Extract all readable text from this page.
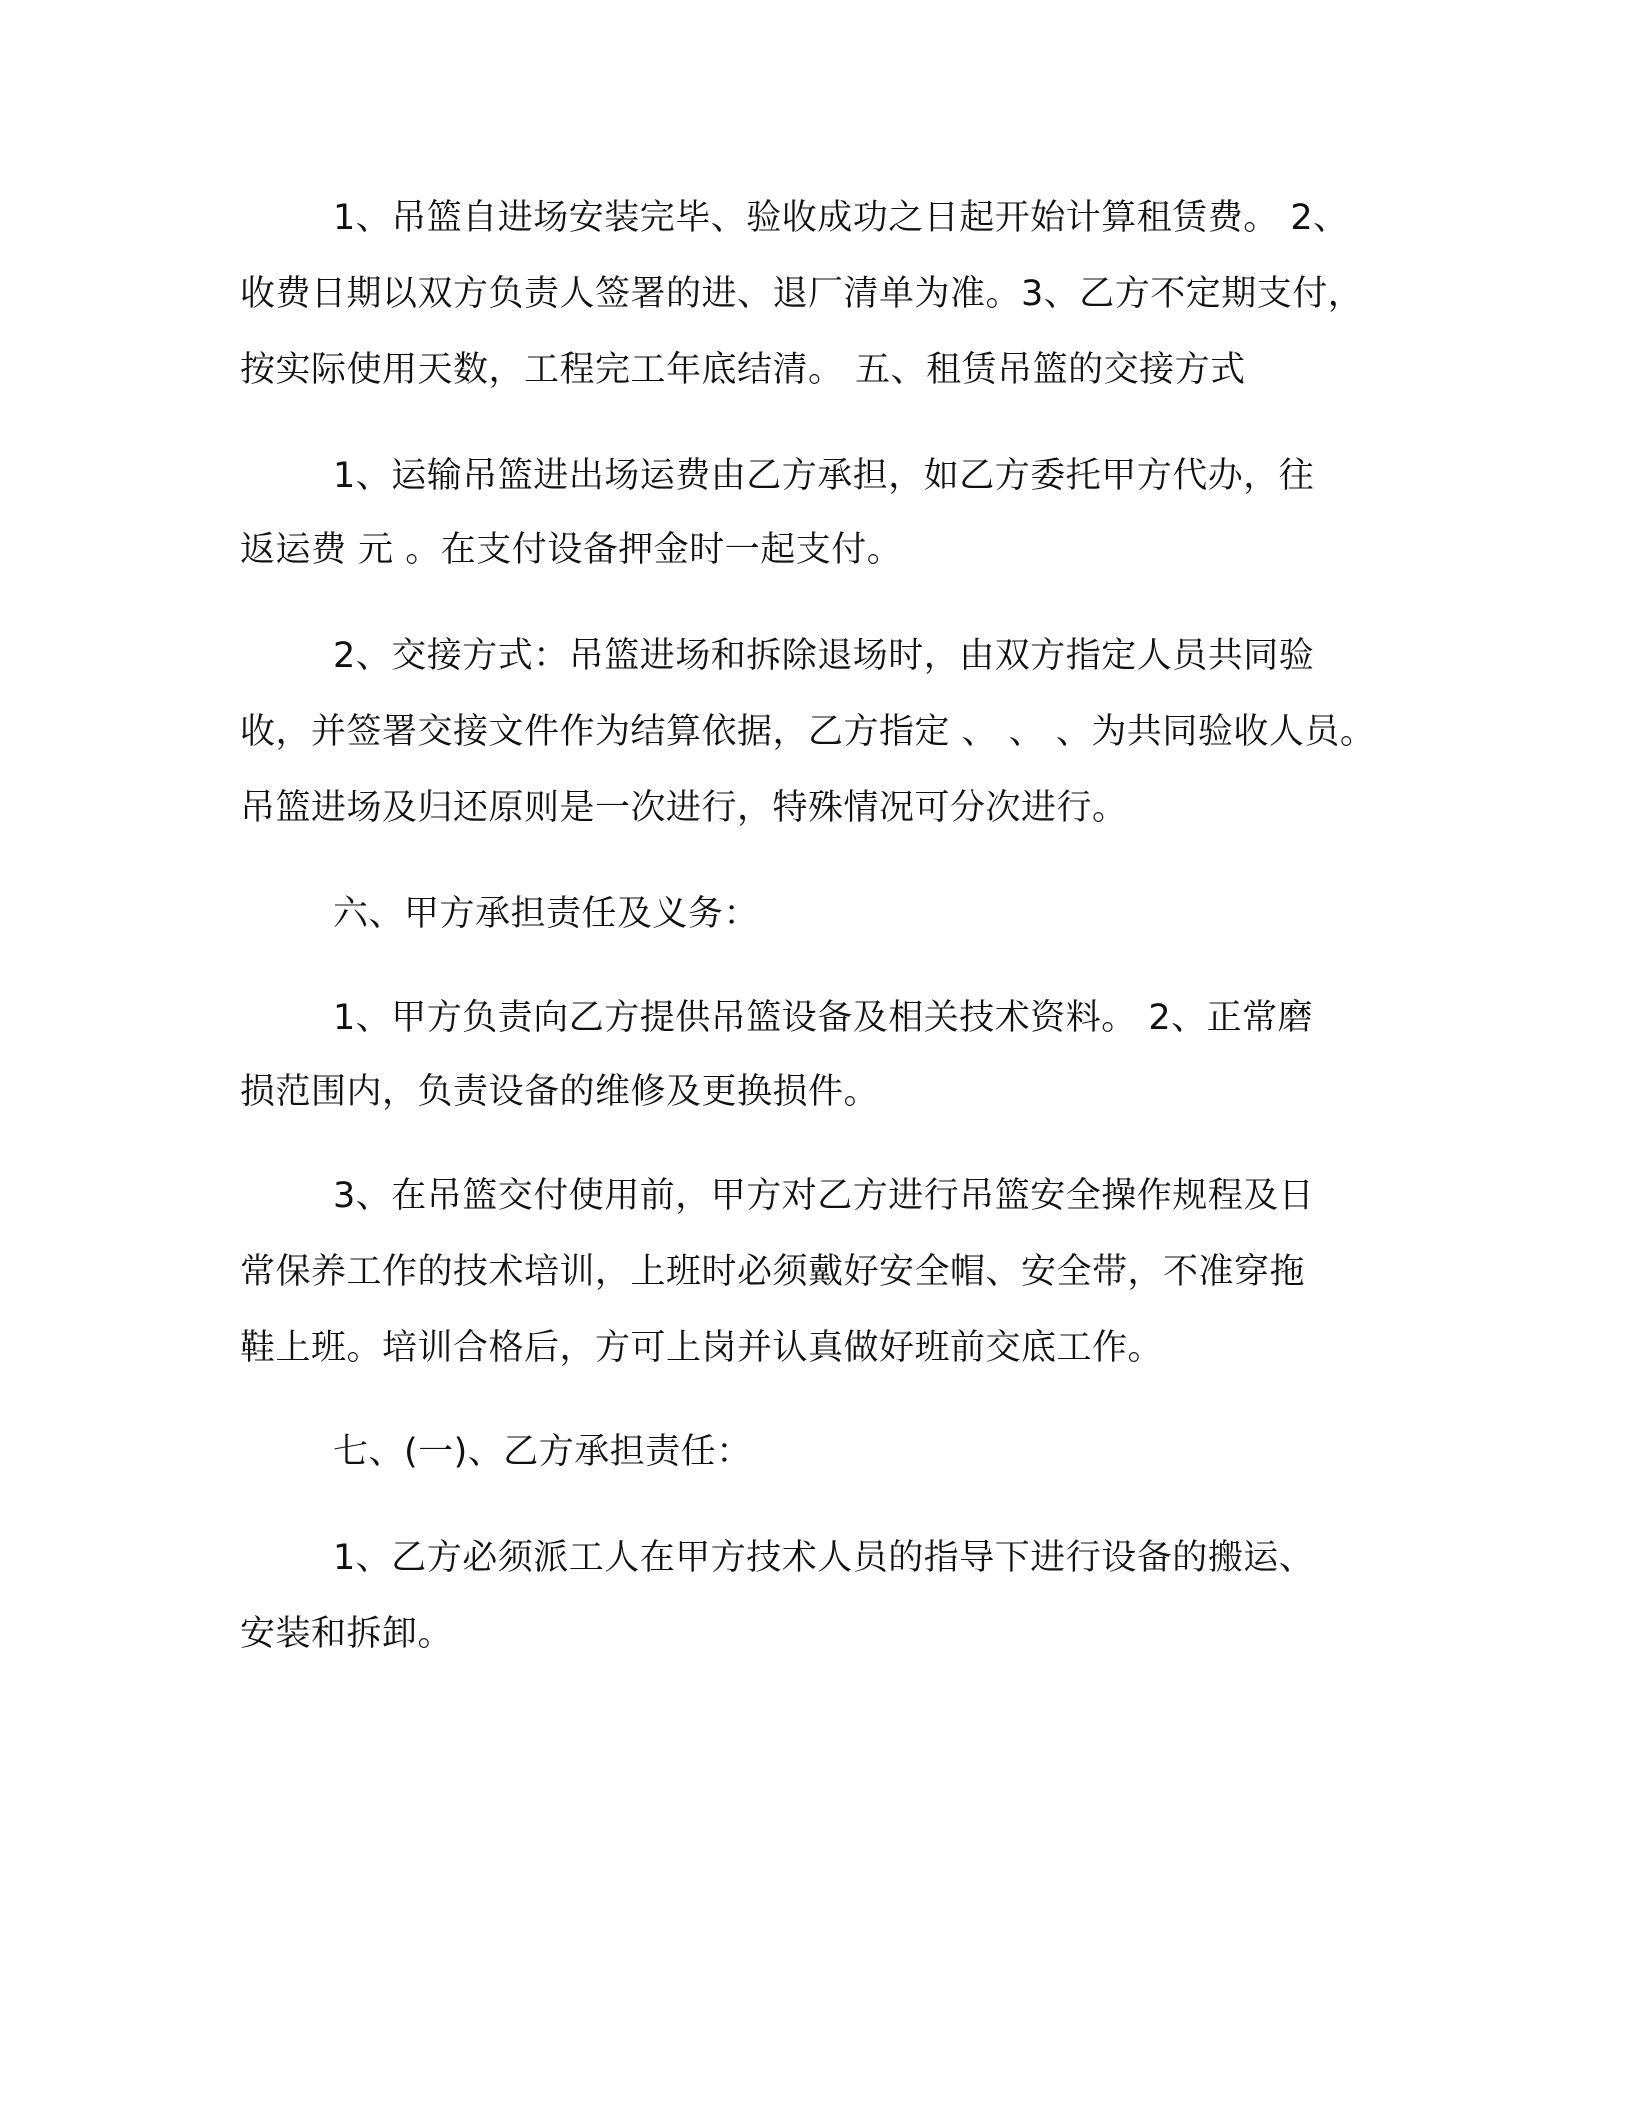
1、吊篮自进场安装完毕、验收成功之日起开始计算租赁费。 2、

收费日期以双方负责人签署的进、退厂清单为准。3、乙方不定期支付，

按实际使用天数，工程完工年底结清。 五、租赁吊篮的交接方式

1、运输吊篮进出场运费由乙方承担，如乙方委托甲方代办，往

返运费 元 。在支付设备押金时一起支付。

2、交接方式：吊篮进场和拆除退场时，由双方指定人员共同验

收，并签署交接文件作为结算依据，乙方指定 、 、 、为共同验收人员。

吊篮进场及归还原则是一次进行，特殊情况可分次进行。

六、甲方承担责任及义务：

1、甲方负责向乙方提供吊篮设备及相关技术资料。 2、正常磨

损范围内，负责设备的维修及更换损件。

3、在吊篮交付使用前，甲方对乙方进行吊篮安全操作规程及日

常保养工作的技术培训，上班时必须戴好安全帽、安全带，不准穿拖

鞋上班。培训合格后，方可上岗并认真做好班前交底工作。

七、(一)、乙方承担责任：

1、乙方必须派工人在甲方技术人员的指导下进行设备的搬运、

安装和拆卸。
